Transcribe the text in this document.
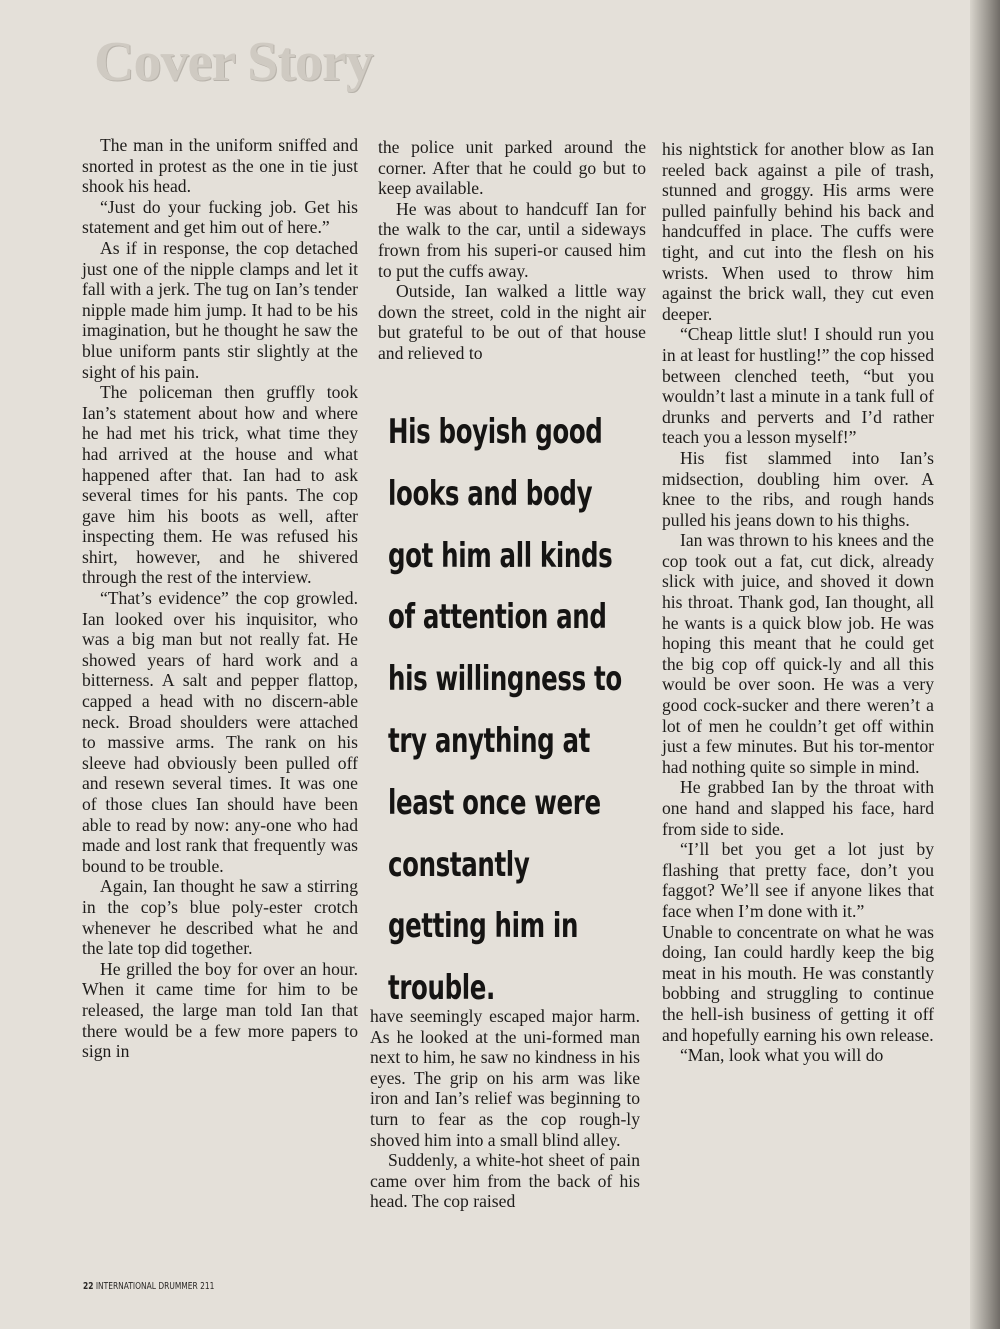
Cover Story

The man in the uniform sniffed and snorted in protest as the one in tie just shook his head.

“Just do your fucking job. Get his statement and get him out of here.”

As if in response, the cop detached just one of the nipple clamps and let it fall with a jerk. The tug on Ian’s tender nipple made him jump. It had to be his imagination, but he thought he saw the blue uniform pants stir slightly at the sight of his pain.

The policeman then gruffly took Ian’s statement about how and where he had met his trick, what time they had arrived at the house and what happened after that. Ian had to ask several times for his pants. The cop gave him his boots as well, after inspecting them. He was refused his shirt, however, and he shivered through the rest of the interview.

“That’s evidence” the cop growled. Ian looked over his inquisitor, who was a big man but not really fat. He showed years of hard work and a bitterness. A salt and pepper flattop, capped a head with no discern-able neck. Broad shoulders were attached to massive arms. The rank on his sleeve had obviously been pulled off and resewn several times. It was one of those clues Ian should have been able to read by now: any-one who had made and lost rank that frequently was bound to be trouble.

Again, Ian thought he saw a stirring in the cop’s blue poly-ester crotch whenever he described what he and the late top did together.

He grilled the boy for over an hour. When it came time for him to be released, the large man told Ian that there would be a few more papers to sign in

the police unit parked around the corner. After that he could go but to keep available.

He was about to handcuff Ian for the walk to the car, until a sideways frown from his superi-or caused him to put the cuffs away.

Outside, Ian walked a little way down the street, cold in the night air but grateful to be out of that house and relieved to

His boyish good looks and body got him all kinds of attention and his willingness to try anything at least once were constantly getting him in trouble.

have seemingly escaped major harm. As he looked at the uni-formed man next to him, he saw no kindness in his eyes. The grip on his arm was like iron and Ian’s relief was beginning to turn to fear as the cop rough-ly shoved him into a small blind alley.

Suddenly, a white-hot sheet of pain came over him from the back of his head. The cop raised

his nightstick for another blow as Ian reeled back against a pile of trash, stunned and groggy. His arms were pulled painfully behind his back and handcuffed in place. The cuffs were tight, and cut into the flesh on his wrists. When used to throw him against the brick wall, they cut even deeper.

“Cheap little slut! I should run you in at least for hustling!” the cop hissed between clenched teeth, “but you wouldn’t last a minute in a tank full of drunks and perverts and I’d rather teach you a lesson myself!”

His fist slammed into Ian’s midsection, doubling him over. A knee to the ribs, and rough hands pulled his jeans down to his thighs.

Ian was thrown to his knees and the cop took out a fat, cut dick, already slick with juice, and shoved it down his throat. Thank god, Ian thought, all he wants is a quick blow job. He was hoping this meant that he could get the big cop off quick-ly and all this would be over soon. He was a very good cock-sucker and there weren’t a lot of men he couldn’t get off within just a few minutes. But his tor-mentor had nothing quite so simple in mind.

He grabbed Ian by the throat with one hand and slapped his face, hard from side to side.

“I’ll bet you get a lot just by flashing that pretty face, don’t you faggot? We’ll see if anyone likes that face when I’m done with it.”

Unable to concentrate on what he was doing, Ian could hardly keep the big meat in his mouth. He was constantly bobbing and struggling to continue the hell-ish business of getting it off and hopefully earning his own release.

“Man, look what you will do

22 INTERNATIONAL DRUMMER 211
